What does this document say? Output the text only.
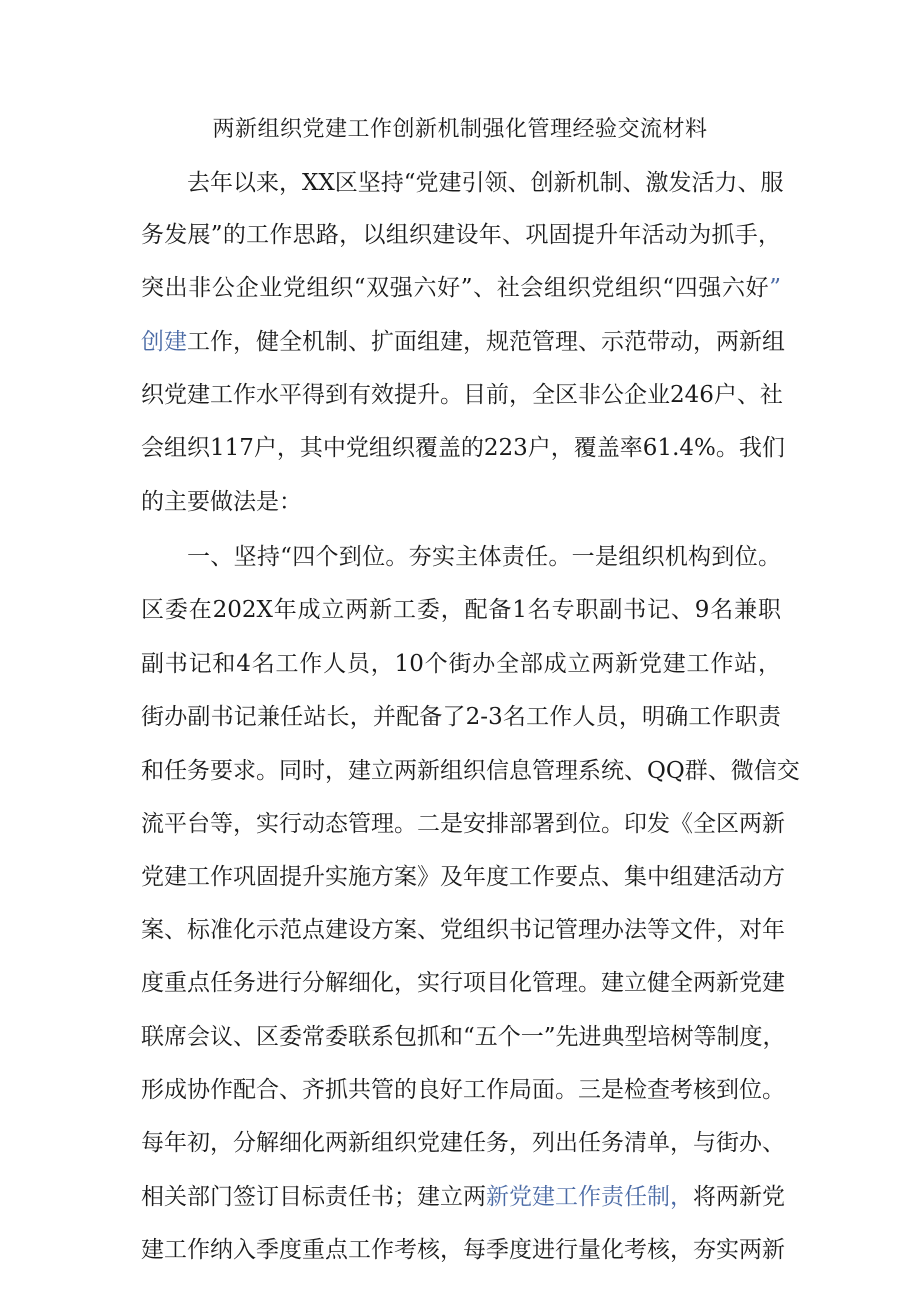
两新组织党建工作创新机制强化管理经验交流材料
去年以来，XX区坚持“党建引领、创新机制、激发活力、服
务发展”的工作思路，以组织建设年、巩固提升年活动为抓手，
突出非公企业党组织“双强六好”、社会组织党组织“四强六好”
创建工作，健全机制、扩面组建，规范管理、示范带动，两新组
织党建工作水平得到有效提升。目前，全区非公企业246户、社
会组织117户，其中党组织覆盖的223户，覆盖率61.4%。我们
的主要做法是：
一、坚持“四个到位。夯实主体责任。一是组织机构到位。
区委在202X年成立两新工委，配备1名专职副书记、9名兼职
副书记和4名工作人员，10个街办全部成立两新党建工作站，
街办副书记兼任站长，并配备了2-3名工作人员，明确工作职责
和任务要求。同时，建立两新组织信息管理系统、QQ群、微信交
流平台等，实行动态管理。二是安排部署到位。印发《全区两新
党建工作巩固提升实施方案》及年度工作要点、集中组建活动方
案、标准化示范点建设方案、党组织书记管理办法等文件，对年
度重点任务进行分解细化，实行项目化管理。建立健全两新党建
联席会议、区委常委联系包抓和“五个一”先进典型培树等制度，
形成协作配合、齐抓共管的良好工作局面。三是检查考核到位。
每年初，分解细化两新组织党建任务，列出任务清单，与街办、
相关部门签订目标责任书；建立两新党建工作责任制，将两新党
建工作纳入季度重点工作考核，每季度进行量化考核，夯实两新
